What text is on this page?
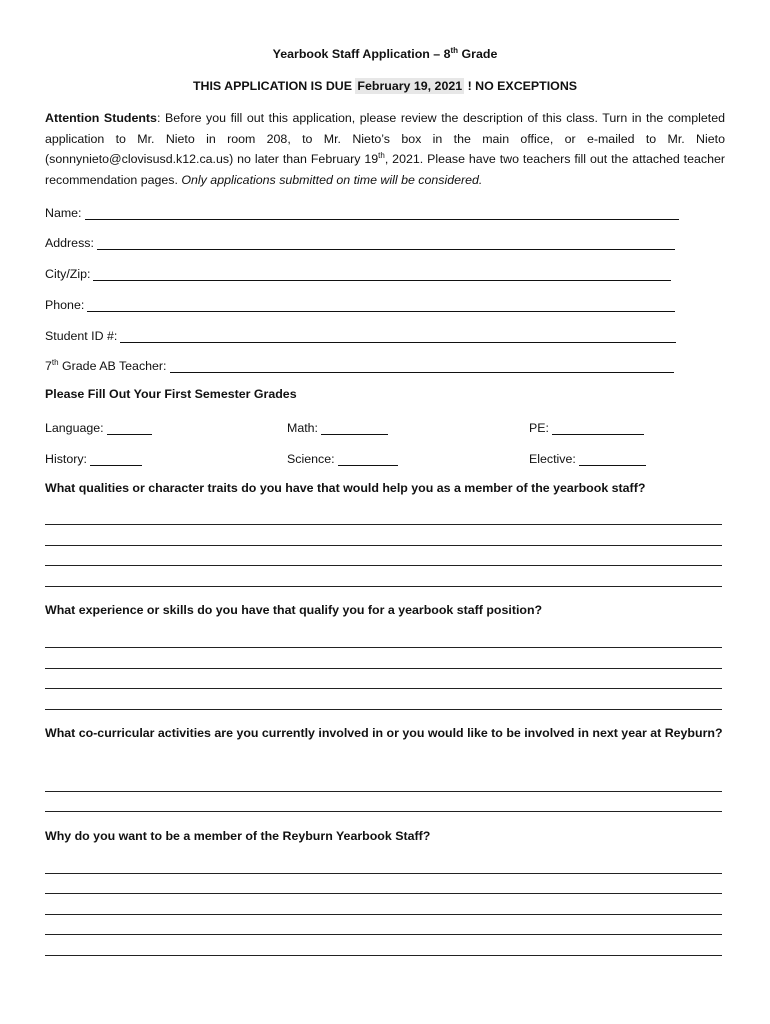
Yearbook Staff Application – 8th Grade
THIS APPLICATION IS DUE February 19, 2021 ! NO EXCEPTIONS
Attention Students: Before you fill out this application, please review the description of this class. Turn in the completed application to Mr. Nieto in room 208, to Mr. Nieto’s box in the main office, or e-mailed to Mr. Nieto (sonnynieto@clovisusd.k12.ca.us) no later than February 19th, 2021. Please have two teachers fill out the attached teacher recommendation pages. Only applications submitted on time will be considered.
Name:
Address:
City/Zip:
Phone:
Student ID #:
7th Grade AB Teacher:
Please Fill Out Your First Semester Grades
Language:	Math:	PE:
History:	Science:	Elective:
What qualities or character traits do you have that would help you as a member of the yearbook staff?
What experience or skills do you have that qualify you for a yearbook staff position?
What co-curricular activities are you currently involved in or you would like to be involved in next year at Reyburn?
Why do you want to be a member of the Reyburn Yearbook Staff?
